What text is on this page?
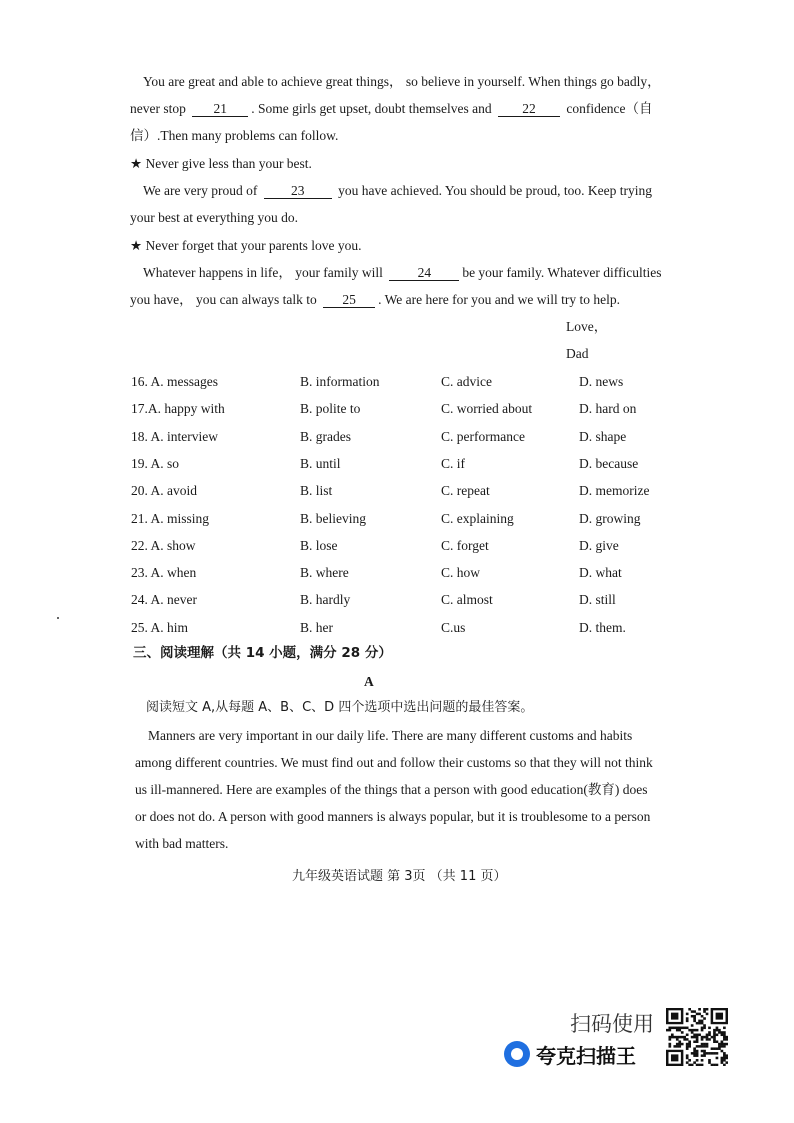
You are great and able to achieve great things， so believe in yourself. When things go badly，
never stop 21 . Some girls get upset, doubt themselves and 22 confidence（自
信）.Then many problems can follow.
★ Never give less than your best.
We are very proud of 23 you have achieved. You should be proud, too. Keep trying
your best at everything you do.
★ Never forget that your parents love you.
Whatever happens in life， your family will	24 be your family. Whatever difficulties
you have， you can always talk to 25 . We are here for you and we will try to help.
Love，
Dad
16. A. messages	B. information	C. advice	D. news
17.A. happy with	B. polite to	C. worried about	D. hard on
18. A. interview	B. grades	C. performance	D. shape
19. A. so	B. until	C. if	D. because
20. A. avoid	B. list	C. repeat	D. memorize
21. A. missing	B. believing	C. explaining	D. growing
22. A. show	B. lose	C. forget	D. give
23. A. when	B. where	C. how	D. what
24. A. never	B. hardly	C. almost	D. still
25. A. him	B. her	C.us	D. them.
三、阅读理解（共 14 小题，满分 28 分）
A
阅读短文 A,从每题 A、B、C、D 四个选项中选出问题的最佳答案。
Manners are very important in our daily life. There are many different customs and habits
among different countries. We must find out and follow their customs so that they will not think
us ill-mannered. Here are examples of the things that a person with good education(教育) does
or does not do. A person with good manners is always popular, but it is troublesome to a person
with bad matters.
九年级英语试题 第 3页 （共 11 页）
扫码使用
夸克扫描王
